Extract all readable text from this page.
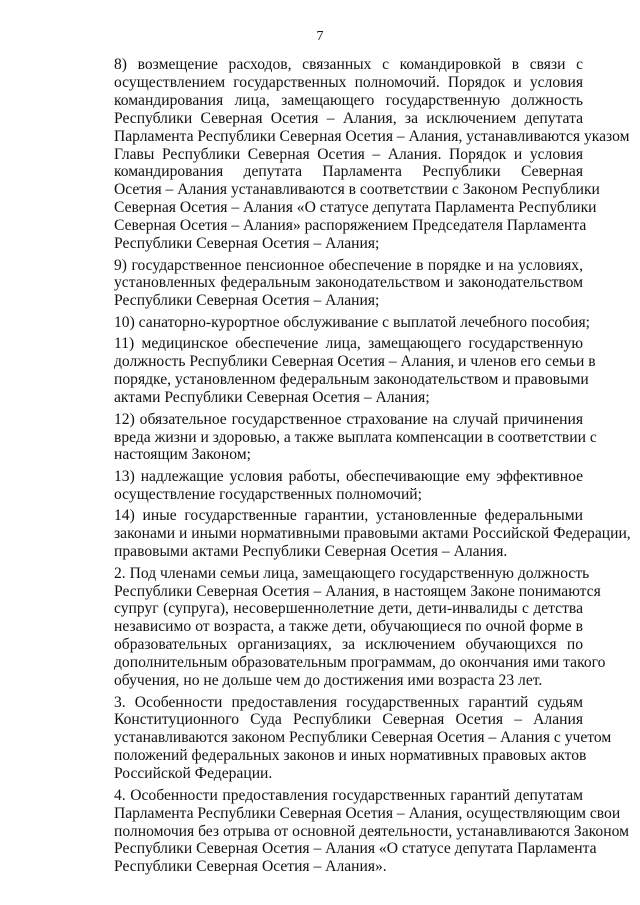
7

8) возмещение расходов, связанных с командировкой в связи с
осуществлением государственных полномочий. Порядок и условия
командирования лица, замещающего государственную должность
Республики Северная Осетия – Алания, за исключением депутата
Парламента Республики Северная Осетия – Алания, устанавливаются указом
Главы Республики Северная Осетия – Алания. Порядок и условия
командирования депутата Парламента Республики Северная
Осетия – Алания устанавливаются в соответствии с Законом Республики
Северная Осетия – Алания «О статусе депутата Парламента Республики
Северная Осетия – Алания» распоряжением Председателя Парламента
Республики Северная Осетия – Алания;

9) государственное пенсионное обеспечение в порядке и на условиях,
установленных федеральным законодательством и законодательством
Республики Северная Осетия – Алания;

10) санаторно-курортное обслуживание с выплатой лечебного пособия;

11) медицинское обеспечение лица, замещающего государственную
должность Республики Северная Осетия – Алания, и членов его семьи в
порядке, установленном федеральным законодательством и правовыми
актами Республики Северная Осетия – Алания;

12) обязательное государственное страхование на случай причинения
вреда жизни и здоровью, а также выплата компенсации в соответствии с
настоящим Законом;

13) надлежащие условия работы, обеспечивающие ему эффективное
осуществление государственных полномочий;

14) иные государственные гарантии, установленные федеральными
законами и иными нормативными правовыми актами Российской Федерации,
правовыми актами Республики Северная Осетия – Алания.

2. Под членами семьи лица, замещающего государственную должность
Республики Северная Осетия – Алания, в настоящем Законе понимаются
супруг (супруга), несовершеннолетние дети, дети-инвалиды с детства
независимо от возраста, а также дети, обучающиеся по очной форме в
образовательных организациях, за исключением обучающихся по
дополнительным образовательным программам, до окончания ими такого
обучения, но не дольше чем до достижения ими возраста 23 лет.

3. Особенности предоставления государственных гарантий судьям
Конституционного Суда Республики Северная Осетия – Алания
устанавливаются законом Республики Северная Осетия – Алания с учетом
положений федеральных законов и иных нормативных правовых актов
Российской Федерации.

4. Особенности предоставления государственных гарантий депутатам
Парламента Республики Северная Осетия – Алания, осуществляющим свои
полномочия без отрыва от основной деятельности, устанавливаются Законом
Республики Северная Осетия – Алания «О статусе депутата Парламента
Республики Северная Осетия – Алания».
